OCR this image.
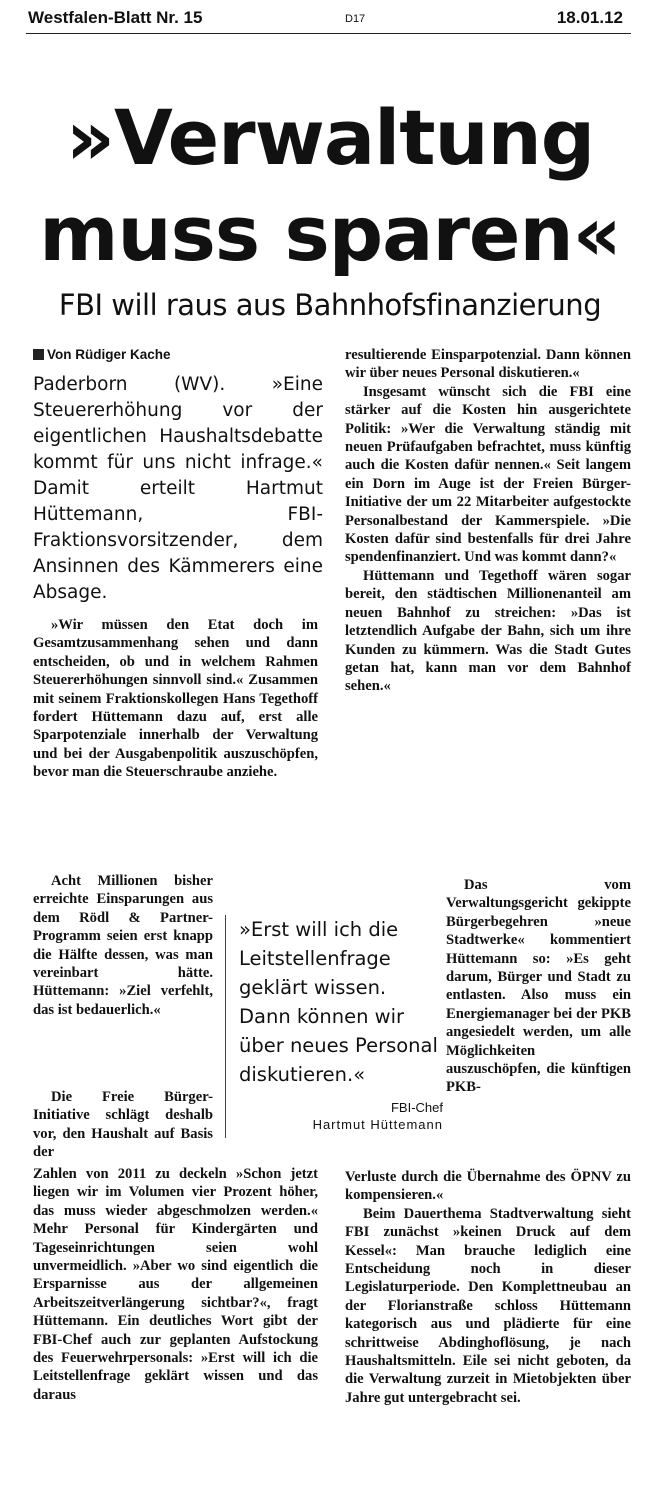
Westfalen-Blatt Nr. 15	D17	18.01.12
»Verwaltung
muss sparen«
FBI will raus aus Bahnhofsfinanzierung
Von Rüdiger Kache
Paderborn (WV). »Eine Steuererhöhung vor der eigentlichen Haushaltsdebatte kommt für uns nicht infrage.« Damit erteilt Hartmut Hüttemann, FBI-Fraktionsvorsitzender, dem Ansinnen des Kämmerers eine Absage.

»Wir müssen den Etat doch im Gesamtzusammenhang sehen und dann entscheiden, ob und in welchem Rahmen Steuererhöhungen sinnvoll sind.« Zusammen mit seinem Fraktionskollegen Hans Tegethoff fordert Hüttemann dazu auf, erst alle Sparpotenziale innerhalb der Verwaltung und bei der Ausgabenpolitik auszuschöpfen, bevor man die Steuerschraube anziehe.

Acht Millionen bisher erreichte Einsparungen aus dem Rödl & Partner-Programm seien erst knapp die Hälfte dessen, was man vereinbart hätte. Hüttemann: »Ziel verfehlt, das ist bedauerlich.«

Die Freie Bürger-Initiative schlägt deshalb vor, den Haushalt auf Basis der

Zahlen von 2011 zu deckeln »Schon jetzt liegen wir im Volumen vier Prozent höher, das muss wieder abgeschmolzen werden.« Mehr Personal für Kindergärten und Tageseinrichtungen seien wohl unvermeidlich. »Aber wo sind eigentlich die Ersparnisse aus der allgemeinen Arbeitszeitverlängerung sichtbar?«, fragt Hüttemann. Ein deutliches Wort gibt der FBI-Chef auch zur geplanten Aufstockung des Feuerwehrpersonals: »Erst will ich die Leitstellenfrage geklärt wissen und das daraus

resultierende Einsparpotenzial. Dann können wir über neues Personal diskutieren.«

Insgesamt wünscht sich die FBI eine stärker auf die Kosten hin ausgerichtete Politik: »Wer die Verwaltung ständig mit neuen Prüfaufgaben befrachtet, muss künftig auch die Kosten dafür nennen.« Seit langem ein Dorn im Auge ist der Freien Bürger-Initiative der um 22 Mitarbeiter aufgestockte Personalbestand der Kammerspiele. »Die Kosten dafür sind bestenfalls für drei Jahre spendenfinanziert. Und was kommt dann?«

Hüttemann und Tegethoff wären sogar bereit, den städtischen Millionenanteil am neuen Bahnhof zu streichen: »Das ist letztendlich Aufgabe der Bahn, sich um ihre Kunden zu kümmern. Was die Stadt Gutes getan hat, kann man vor dem Bahnhof sehen.«

Das vom Verwaltungsgericht gekippte Bürgerbegehren »neue Stadtwerke« kommentiert Hüttemann so: »Es geht darum, Bürger und Stadt zu entlasten. Also muss ein Energiemanager bei der PKB angesiedelt werden, um alle Möglichkeiten auszuschöpfen, die künftigen PKB-

Verluste durch die Übernahme des ÖPNV zu kompensieren.«

Beim Dauerthema Stadtverwaltung sieht FBI zunächst »keinen Druck auf dem Kessel«: Man brauche lediglich eine Entscheidung noch in dieser Legislaturperiode. Den Komplettneubau an der Florianstraße schloss Hüttemann kategorisch aus und plädierte für eine schrittweise Abdinghoflösung, je nach Haushaltsmitteln. Eile sei nicht geboten, da die Verwaltung zurzeit in Mietobjekten über Jahre gut untergebracht sei.

»Erst will ich die Leitstellenfrage geklärt wissen. Dann können wir über neues Personal diskutieren.«
FBI-Chef
Hartmut Hüttemann
